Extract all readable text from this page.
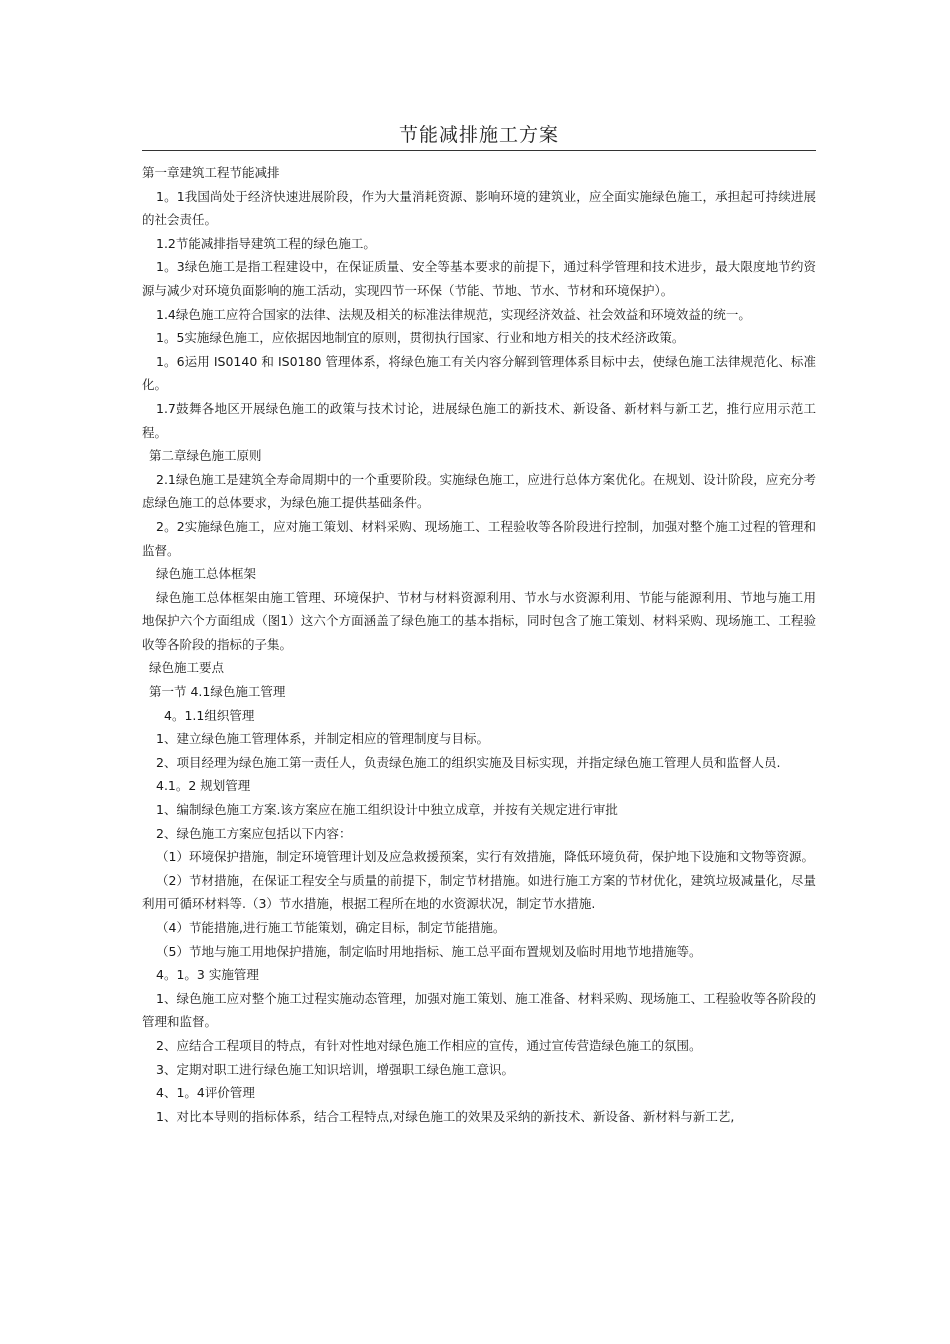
节能减排施工方案

第一章建筑工程节能减排

1。1我国尚处于经济快速进展阶段，作为大量消耗资源、影响环境的建筑业，应全面实施绿色施工，承担起可持续进展的社会责任。

1.2节能减排指导建筑工程的绿色施工。

1。3绿色施工是指工程建设中，在保证质量、安全等基本要求的前提下，通过科学管理和技术进步，最大限度地节约资源与减少对环境负面影响的施工活动，实现四节一环保（节能、节地、节水、节材和环境保护）。

1.4绿色施工应符合国家的法律、法规及相关的标准法律规范，实现经济效益、社会效益和环境效益的统一。

1。5实施绿色施工，应依据因地制宜的原则，贯彻执行国家、行业和地方相关的技术经济政策。

1。6运用 IS0140 和 IS0180 管理体系，将绿色施工有关内容分解到管理体系目标中去，使绿色施工法律规范化、标准化。

1.7鼓舞各地区开展绿色施工的政策与技术讨论，进展绿色施工的新技术、新设备、新材料与新工艺，推行应用示范工程。

第二章绿色施工原则

2.1绿色施工是建筑全寿命周期中的一个重要阶段。实施绿色施工，应进行总体方案优化。在规划、设计阶段，应充分考虑绿色施工的总体要求，为绿色施工提供基础条件。

2。2实施绿色施工，应对施工策划、材料采购、现场施工、工程验收等各阶段进行控制，加强对整个施工过程的管理和监督。

绿色施工总体框架

绿色施工总体框架由施工管理、环境保护、节材与材料资源利用、节水与水资源利用、节能与能源利用、节地与施工用地保护六个方面组成（图1）这六个方面涵盖了绿色施工的基本指标，同时包含了施工策划、材料采购、现场施工、工程验收等各阶段的指标的子集。

绿色施工要点

第一节 4.1绿色施工管理

4。1.1组织管理

1、建立绿色施工管理体系，并制定相应的管理制度与目标。

2、项目经理为绿色施工第一责任人，负责绿色施工的组织实施及目标实现，并指定绿色施工管理人员和监督人员.

4.1。2 规划管理

1、编制绿色施工方案.该方案应在施工组织设计中独立成章，并按有关规定进行审批

2、绿色施工方案应包括以下内容：

（1）环境保护措施，制定环境管理计划及应急救援预案，实行有效措施，降低环境负荷，保护地下设施和文物等资源。

（2）节材措施，在保证工程安全与质量的前提下，制定节材措施。如进行施工方案的节材优化，建筑垃圾减量化，尽量利用可循环材料等.（3）节水措施，根据工程所在地的水资源状况，制定节水措施.

（4）节能措施,进行施工节能策划，确定目标，制定节能措施。

（5）节地与施工用地保护措施，制定临时用地指标、施工总平面布置规划及临时用地节地措施等。

4。1。3 实施管理

1、绿色施工应对整个施工过程实施动态管理，加强对施工策划、施工准备、材料采购、现场施工、工程验收等各阶段的管理和监督。

2、应结合工程项目的特点，有针对性地对绿色施工作相应的宣传，通过宣传营造绿色施工的氛围。

3、定期对职工进行绿色施工知识培训，增强职工绿色施工意识。

4、1。4评价管理

1、对比本导则的指标体系，结合工程特点,对绿色施工的效果及采纳的新技术、新设备、新材料与新工艺,
